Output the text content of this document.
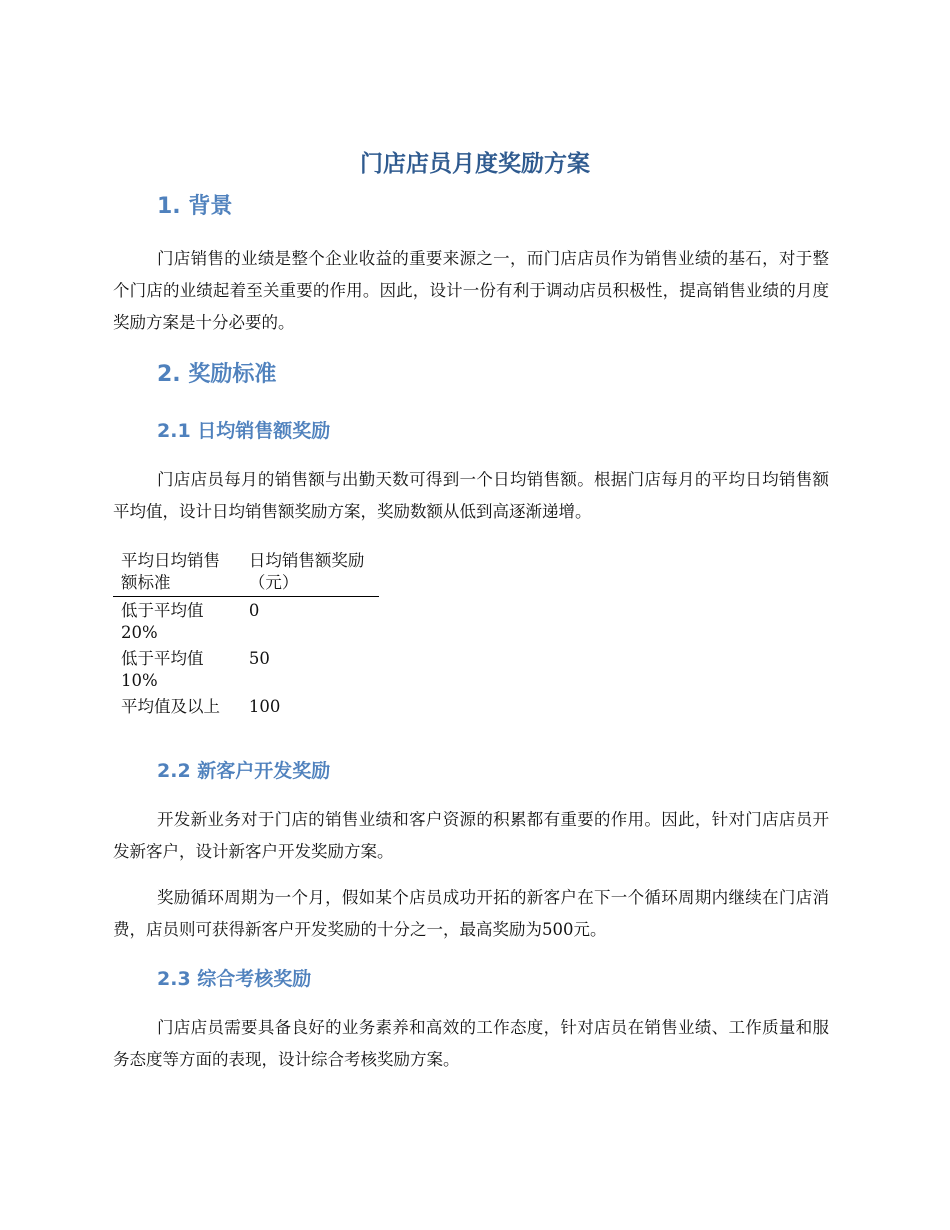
门店店员月度奖励方案
1. 背景

门店销售的业绩是整个企业收益的重要来源之一，而门店店员作为销售业绩的基石，对于整个门店的业绩起着至关重要的作用。因此，设计一份有利于调动店员积极性，提高销售业绩的月度奖励方案是十分必要的。

2. 奖励标准
2.1 日均销售额奖励

门店店员每月的销售额与出勤天数可得到一个日均销售额。根据门店每月的平均日均销售额平均值，设计日均销售额奖励方案，奖励数额从低到高逐渐递增。

平均日均销售额标准	日均销售额奖励（元）
低于平均值20%	0
低于平均值10%	50
平均值及以上	100
2.2 新客户开发奖励

开发新业务对于门店的销售业绩和客户资源的积累都有重要的作用。因此，针对门店店员开发新客户，设计新客户开发奖励方案。

奖励循环周期为一个月，假如某个店员成功开拓的新客户在下一个循环周期内继续在门店消费，店员则可获得新客户开发奖励的十分之一，最高奖励为500元。

2.3 综合考核奖励

门店店员需要具备良好的业务素养和高效的工作态度，针对店员在销售业绩、工作质量和服务态度等方面的表现，设计综合考核奖励方案。
